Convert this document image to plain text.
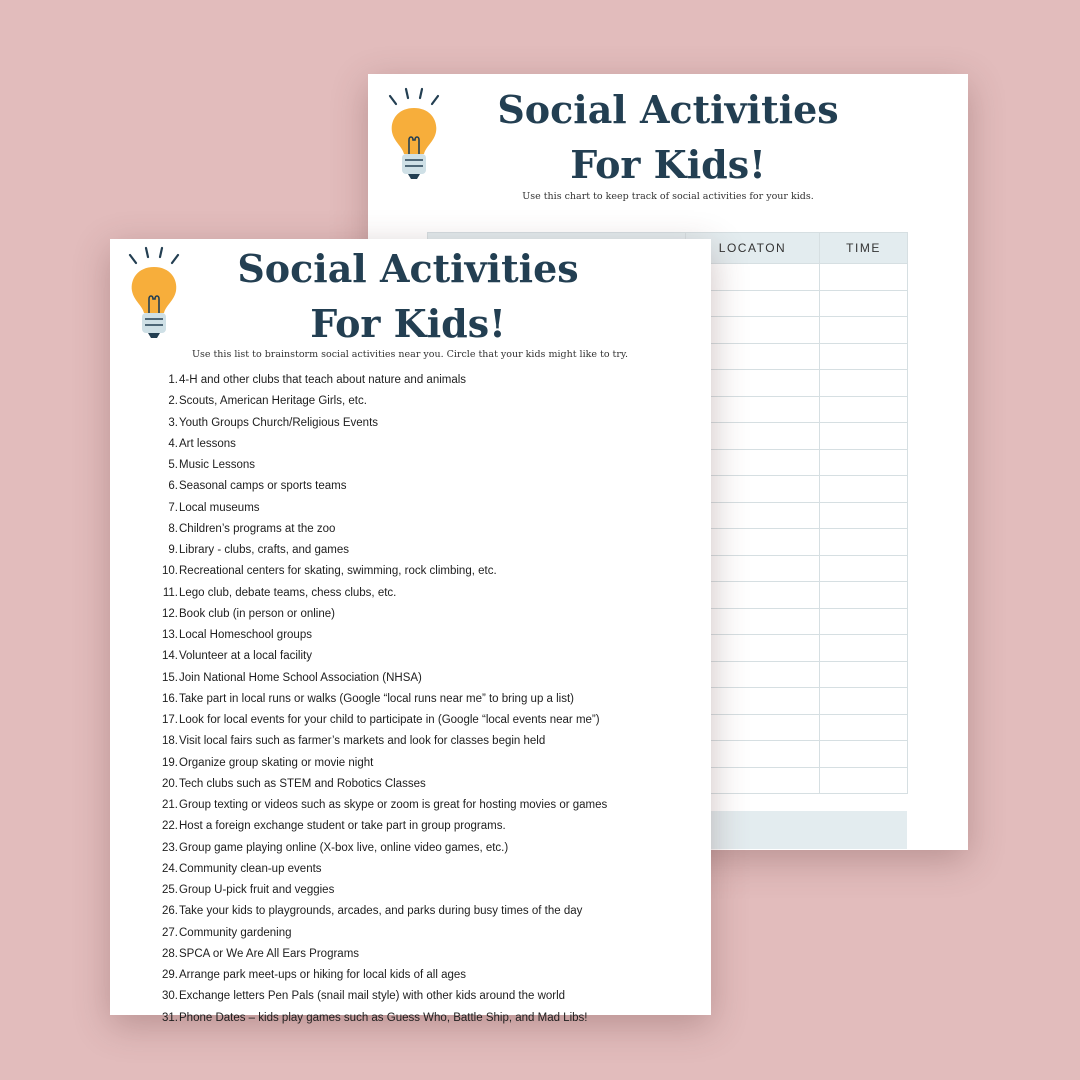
Social Activities
For Kids!

Use this chart to keep track of social activities for your kids.

	LOCATON	TIME

Social Activities
For Kids!

Use this list to brainstorm social activities near you. Circle that your kids might like to try.

1. 4-H and other clubs that teach about nature and animals
2. Scouts, American Heritage Girls, etc.
3. Youth Groups Church/Religious Events
4. Art lessons
5. Music Lessons
6. Seasonal camps or sports teams
7. Local museums
8. Children’s programs at the zoo
9. Library - clubs, crafts, and games
10. Recreational centers for skating, swimming, rock climbing, etc.
11. Lego club, debate teams, chess clubs, etc.
12. Book club (in person or online)
13. Local Homeschool groups
14. Volunteer at a local facility
15. Join National Home School Association (NHSA)
16. Take part in local runs or walks (Google “local runs near me” to bring up a list)
17. Look for local events for your child to participate in (Google “local events near me”)
18. Visit local fairs such as farmer’s markets and look for classes begin held
19. Organize group skating or movie night
20. Tech clubs such as STEM and Robotics Classes
21. Group texting or videos such as skype or zoom is great for hosting movies or games
22. Host a foreign exchange student or take part in group programs.
23. Group game playing online (X-box live, online video games, etc.)
24. Community clean-up events
25. Group U-pick fruit and veggies
26. Take your kids to playgrounds, arcades, and parks during busy times of the day
27. Community gardening
28. SPCA or We Are All Ears Programs
29. Arrange park meet-ups or hiking for local kids of all ages
30. Exchange letters Pen Pals (snail mail style) with other kids around the world
31. Phone Dates – kids play games such as Guess Who, Battle Ship, and Mad Libs!
